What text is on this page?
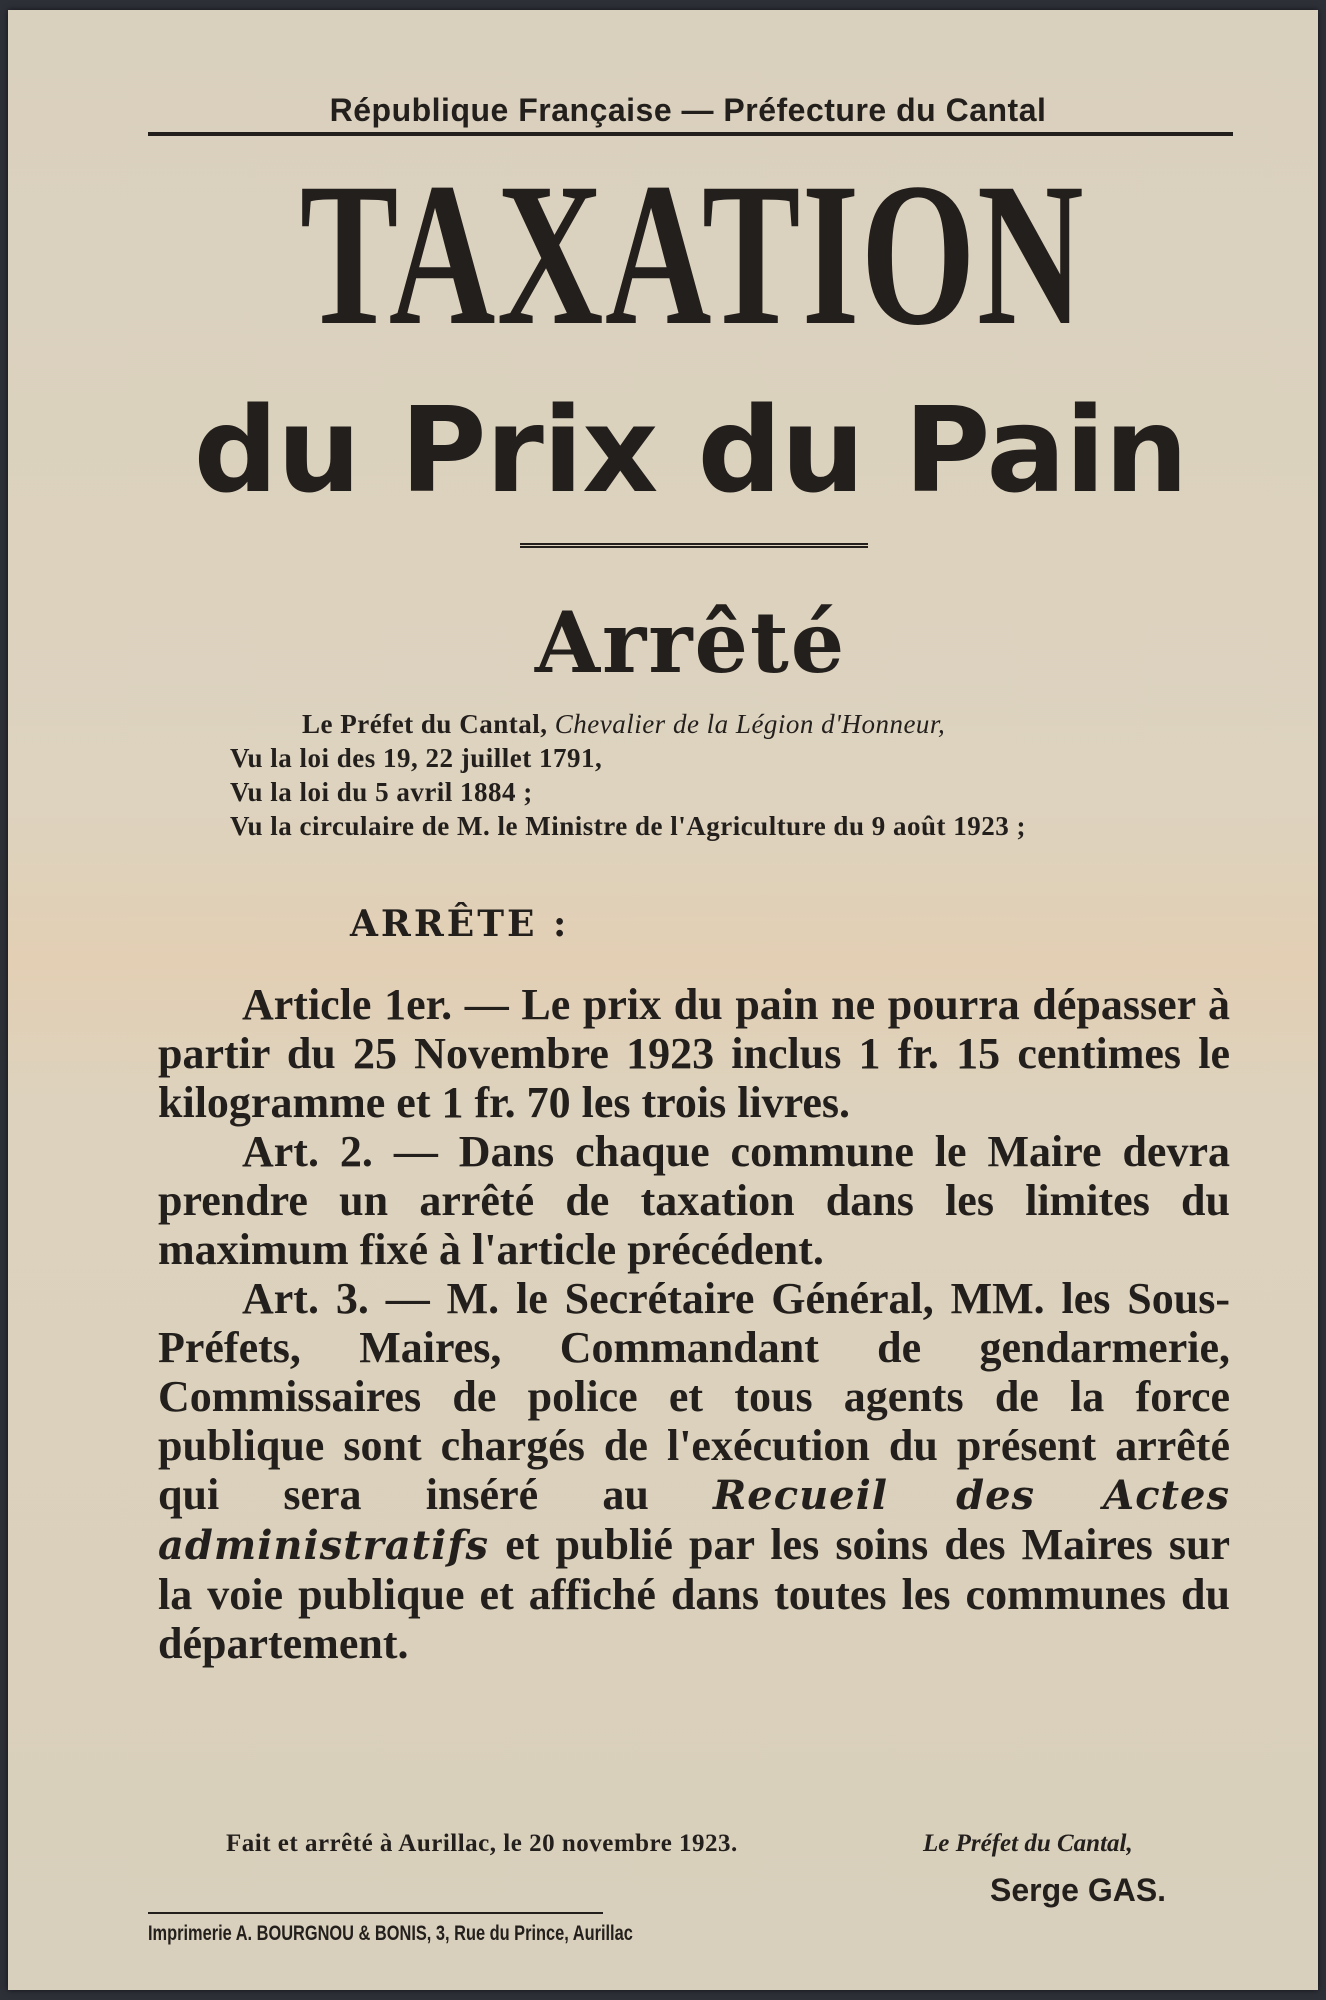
République Française — Préfecture du Cantal
TAXATION
du Prix du Pain
Arrêté
Le Préfet du Cantal, Chevalier de la Légion d'Honneur,
Vu la loi des 19, 22 juillet 1791,
Vu la loi du 5 avril 1884 ;
Vu la circulaire de M. le Ministre de l'Agriculture du 9 août 1923 ;
ARRÊTE :

Article 1er. — Le prix du pain ne pourra dépasser à partir du 25 Novembre 1923 inclus 1 fr. 15 centimes le kilogramme et 1 fr. 70 les trois livres.

Art. 2. — Dans chaque commune le Maire devra prendre un arrêté de taxation dans les limites du maximum fixé à l'article précédent.

Art. 3. — M. le Secrétaire Général, MM. les Sous-Préfets, Maires, Commandant de gendarmerie, Commissaires de police et tous agents de la force publique sont chargés de l'exécution du présent arrêté qui sera inséré au Recueil des Actes administratifs et publié par les soins des Maires sur la voie publique et affiché dans toutes les communes du département.

Fait et arrêté à Aurillac, le 20 novembre 1923.	Le Préfet du Cantal,
Serge GAS.
Imprimerie A. BOURGNOU & BONIS, 3, Rue du Prince, Aurillac
